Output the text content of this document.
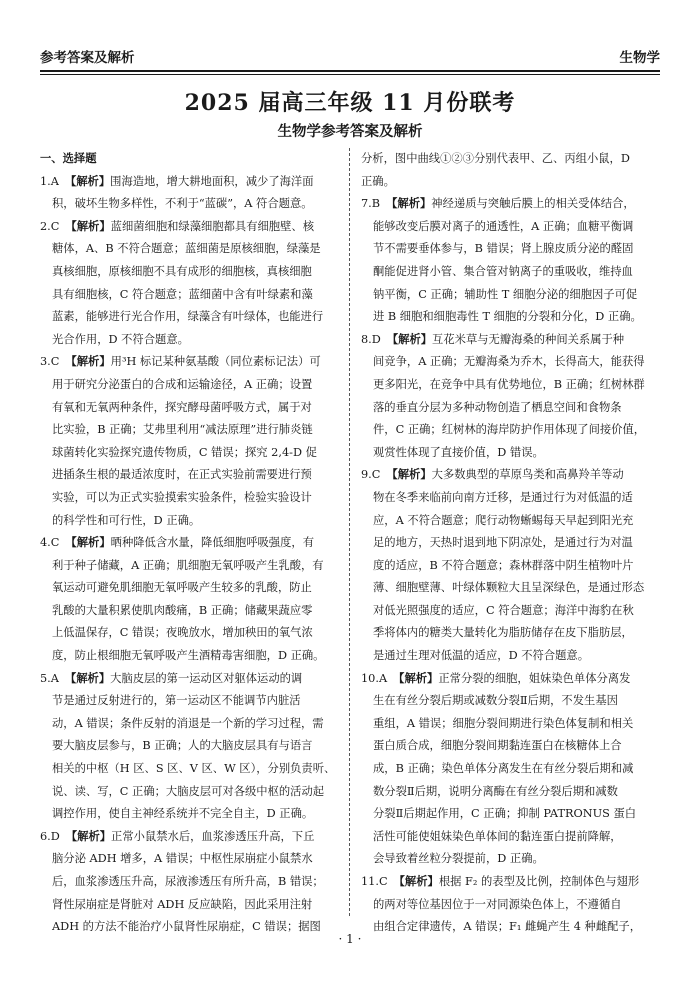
参考答案及解析	生物学
2025 届高三年级 11 月份联考
生物学参考答案及解析
一、选择题
1.A 【解析】围海造地，增大耕地面积，减少了海洋面
积，破坏生物多样性，不利于“蓝碳”，A 符合题意。
2.C 【解析】蓝细菌细胞和绿藻细胞都具有细胞壁、核
糖体，A、B 不符合题意；蓝细菌是原核细胞，绿藻是
真核细胞，原核细胞不具有成形的细胞核，真核细胞
具有细胞核，C 符合题意；蓝细菌中含有叶绿素和藻
蓝素，能够进行光合作用，绿藻含有叶绿体，也能进行
光合作用，D 不符合题意。
3.C 【解析】用³H 标记某种氨基酸（同位素标记法）可
用于研究分泌蛋白的合成和运输途径，A 正确；设置
有氧和无氧两种条件，探究酵母菌呼吸方式，属于对
比实验，B 正确；艾弗里利用“减法原理”进行肺炎链
球菌转化实验探究遗传物质，C 错误；探究 2,4-D 促
进插条生根的最适浓度时，在正式实验前需要进行预
实验，可以为正式实验摸索实验条件，检验实验设计
的科学性和可行性，D 正确。
4.C 【解析】晒种降低含水量，降低细胞呼吸强度，有
利于种子储藏，A 正确；肌细胞无氧呼吸产生乳酸，有
氧运动可避免肌细胞无氧呼吸产生较多的乳酸，防止
乳酸的大量积累使肌肉酸痛，B 正确；储藏果蔬应零
上低温保存，C 错误；夜晚放水，增加秧田的氧气浓
度，防止根细胞无氧呼吸产生酒精毒害细胞，D 正确。
5.A 【解析】大脑皮层的第一运动区对躯体运动的调
节是通过反射进行的，第一运动区不能调节内脏活
动，A 错误；条件反射的消退是一个新的学习过程，需
要大脑皮层参与，B 正确；人的大脑皮层具有与语言
相关的中枢（H 区、S 区、V 区、W 区），分别负责听、
说、读、写，C 正确；大脑皮层可对各级中枢的活动起
调控作用，使自主神经系统并不完全自主，D 正确。
6.D 【解析】正常小鼠禁水后，血浆渗透压升高，下丘
脑分泌 ADH 增多，A 错误；中枢性尿崩症小鼠禁水
后，血浆渗透压升高，尿液渗透压有所升高，B 错误；
肾性尿崩症是肾脏对 ADH 反应缺陷，因此采用注射
ADH 的方法不能治疗小鼠肾性尿崩症，C 错误；据图
分析，图中曲线①②③分别代表甲、乙、丙组小鼠，D
正确。
7.B 【解析】神经递质与突触后膜上的相关受体结合，
能够改变后膜对离子的通透性，A 正确；血糖平衡调
节不需要垂体参与，B 错误；肾上腺皮质分泌的醛固
酮能促进肾小管、集合管对钠离子的重吸收，维持血
钠平衡，C 正确；辅助性 T 细胞分泌的细胞因子可促
进 B 细胞和细胞毒性 T 细胞的分裂和分化，D 正确。
8.D 【解析】互花米草与无瓣海桑的种间关系属于种
间竞争，A 正确；无瓣海桑为乔木，长得高大，能获得
更多阳光，在竞争中具有优势地位，B 正确；红树林群
落的垂直分层为多种动物创造了栖息空间和食物条
件，C 正确；红树林的海岸防护作用体现了间接价值，
观赏性体现了直接价值，D 错误。
9.C 【解析】大多数典型的草原鸟类和高鼻羚羊等动
物在冬季来临前向南方迁移，是通过行为对低温的适
应，A 不符合题意；爬行动物蜥蜴每天早起到阳光充
足的地方，天热时退到地下阴凉处，是通过行为对温
度的适应，B 不符合题意；森林群落中阴生植物叶片
薄、细胞壁薄、叶绿体颗粒大且呈深绿色，是通过形态
对低光照强度的适应，C 符合题意；海洋中海豹在秋
季将体内的糖类大量转化为脂肪储存在皮下脂肪层，
是通过生理对低温的适应，D 不符合题意。
10.A 【解析】正常分裂的细胞，姐妹染色单体分离发
生在有丝分裂后期或减数分裂Ⅱ后期，不发生基因
重组，A 错误；细胞分裂间期进行染色体复制和相关
蛋白质合成，细胞分裂间期黏连蛋白在核糖体上合
成，B 正确；染色单体分离发生在有丝分裂后期和减
数分裂Ⅱ后期，说明分离酶在有丝分裂后期和减数
分裂Ⅱ后期起作用，C 正确；抑制 PATRONUS 蛋白
活性可能使姐妹染色单体间的黏连蛋白提前降解，
会导致着丝粒分裂提前，D 正确。
11.C 【解析】根据 F₂ 的表型及比例，控制体色与翅形
的两对等位基因位于一对同源染色体上，不遵循自
由组合定律遗传，A 错误；F₁ 雌蝇产生 4 种雌配子，
· 1 ·
